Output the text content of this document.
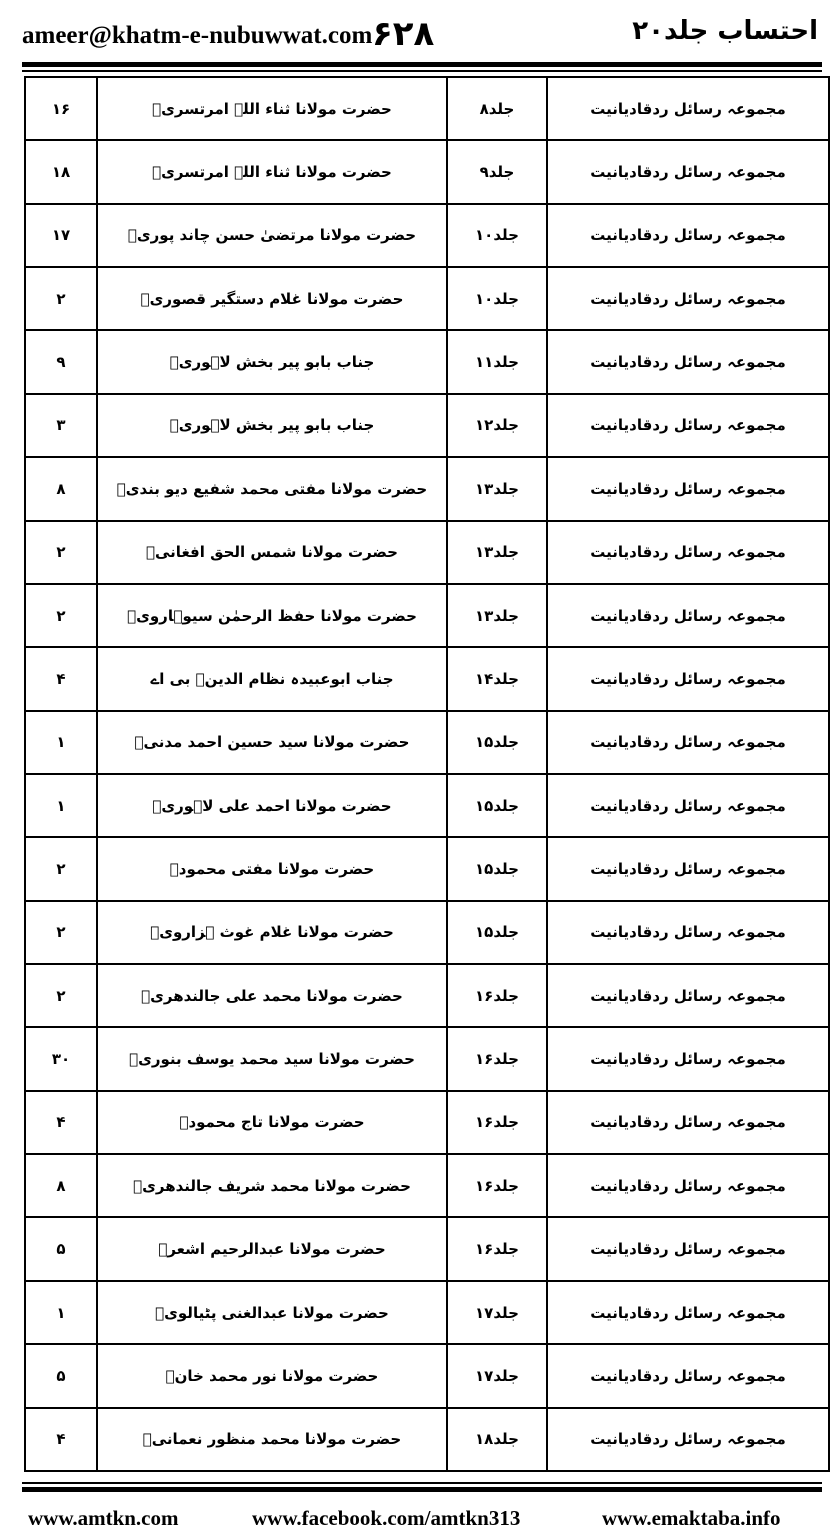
ameer@khatm-e-nubuwwat.com ۶۲۸	احتساب جلد۲۰
۱۶	حضرت مولانا ثناء اللہ امرتسریؒ	جلد۸	مجموعہ رسائل ردقادیانیت
۱۸	حضرت مولانا ثناء اللہ امرتسریؒ	جلد۹	مجموعہ رسائل ردقادیانیت
۱۷	حضرت مولانا مرتضیٰ حسن چاند پوریؒ	جلد۱۰	مجموعہ رسائل ردقادیانیت
۲	حضرت مولانا غلام دستگیر قصوریؒ	جلد۱۰	مجموعہ رسائل ردقادیانیت
۹	جناب بابو پیر بخش لاہوریؒ	جلد۱۱	مجموعہ رسائل ردقادیانیت
۳	جناب بابو پیر بخش لاہوریؒ	جلد۱۲	مجموعہ رسائل ردقادیانیت
۸	حضرت مولانا مفتی محمد شفیع دیو بندیؒ	جلد۱۳	مجموعہ رسائل ردقادیانیت
۲	حضرت مولانا شمس الحق افغانیؒ	جلد۱۳	مجموعہ رسائل ردقادیانیت
۲	حضرت مولانا حفظ الرحمٰن سیوہارویؒ	جلد۱۳	مجموعہ رسائل ردقادیانیت
۴	جناب ابوعبیدہ نظام الدینؒ بی اے	جلد۱۴	مجموعہ رسائل ردقادیانیت
۱	حضرت مولانا سید حسین احمد مدنیؒ	جلد۱۵	مجموعہ رسائل ردقادیانیت
۱	حضرت مولانا احمد علی لاہوریؒ	جلد۱۵	مجموعہ رسائل ردقادیانیت
۲	حضرت مولانا مفتی محمودؒ	جلد۱۵	مجموعہ رسائل ردقادیانیت
۲	حضرت مولانا غلام غوث ہزارویؒ	جلد۱۵	مجموعہ رسائل ردقادیانیت
۲	حضرت مولانا محمد علی جالندھریؒ	جلد۱۶	مجموعہ رسائل ردقادیانیت
۳۰	حضرت مولانا سید محمد یوسف بنوریؒ	جلد۱۶	مجموعہ رسائل ردقادیانیت
۴	حضرت مولانا تاج محمودؒ	جلد۱۶	مجموعہ رسائل ردقادیانیت
۸	حضرت مولانا محمد شریف جالندھریؒ	جلد۱۶	مجموعہ رسائل ردقادیانیت
۵	حضرت مولانا عبدالرحیم اشعرؒ	جلد۱۶	مجموعہ رسائل ردقادیانیت
۱	حضرت مولانا عبدالغنی پٹیالویؒ	جلد۱۷	مجموعہ رسائل ردقادیانیت
۵	حضرت مولانا نور محمد خانؒ	جلد۱۷	مجموعہ رسائل ردقادیانیت
۴	حضرت مولانا محمد منظور نعمانیؒ	جلد۱۸	مجموعہ رسائل ردقادیانیت
www.amtkn.com	www.facebook.com/amtkn313	www.emaktaba.info
